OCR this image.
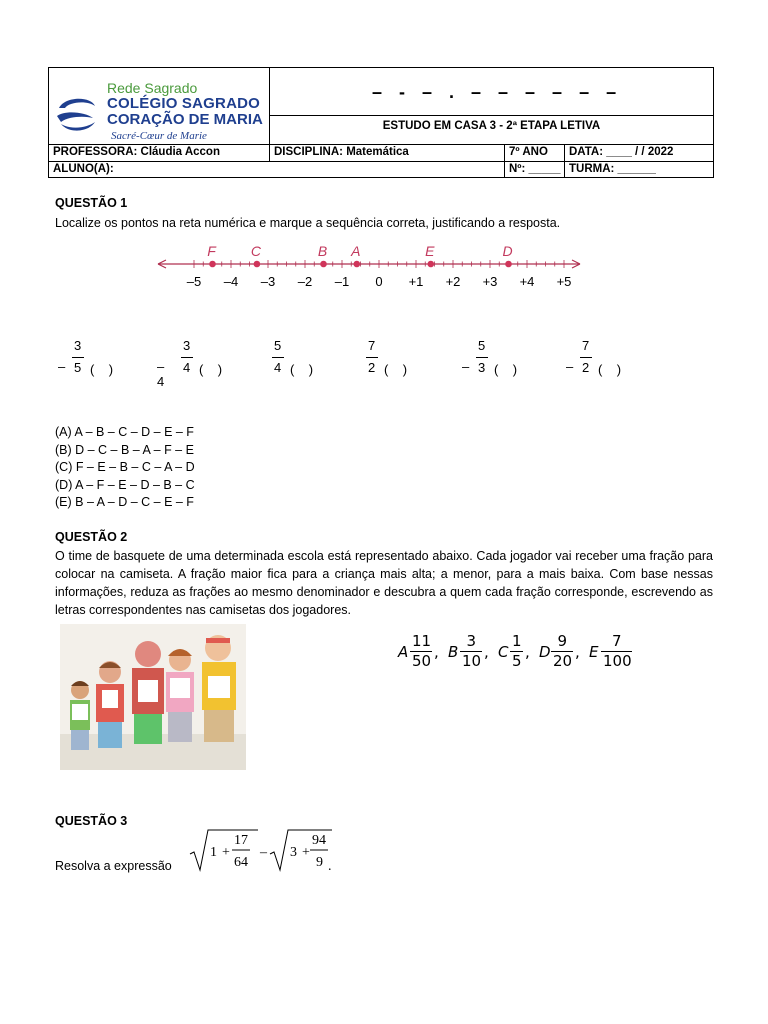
Rede Sagrado
COLÉGIO SAGRADO
CORAÇÃO DE MARIA
Sacré-Cœur de Marie
– - – . – – – – – –
ESTUDO EM CASA 3 - 2ª ETAPA LETIVA
PROFESSORA: Cláudia Accon	DISCIPLINA: Matemática	7º ANO	DATA: ____ / / 2022
ALUNO(A):	Nº: _____ TURMA: ______
QUESTÃO 1
Localize os pontos na reta numérica e marque a sequência correta, justificando a resposta.
–5 –4 –3 –2 –1 0 +1 +2 +3 +4 +5
F	C	B A	E	D
–
3
5 (    )	– 4
3
4 (    )
5
4 (    )
7
2 (    )	–
5
3 (    )	–
7
2 (    )
(A) A – B – C – D – E – F
(B) D – C – B – A – F – E
(C) F – E – B – C – A – D
(D) A – F – E – D – B – C
(E) B – A – D – C – E – F
QUESTÃO 2
O time de basquete de uma determinada escola está representado abaixo. Cada jogador vai receber uma fração para colocar na camiseta. A fração maior fica para a criança mais alta; a menor, para a mais baixa. Com base nessas informações, reduza as frações ao mesmo denominador e descubra a quem cada fração corresponde, escrevendo as letras correspondentes nas camisetas dos jogadores.
A
11
50 , B
3
10 , C
1
5 , D
9
20 , E
7
100
QUESTÃO 3
Resolva a expressão
1 +
17
64
– 3 +
94
9 .
